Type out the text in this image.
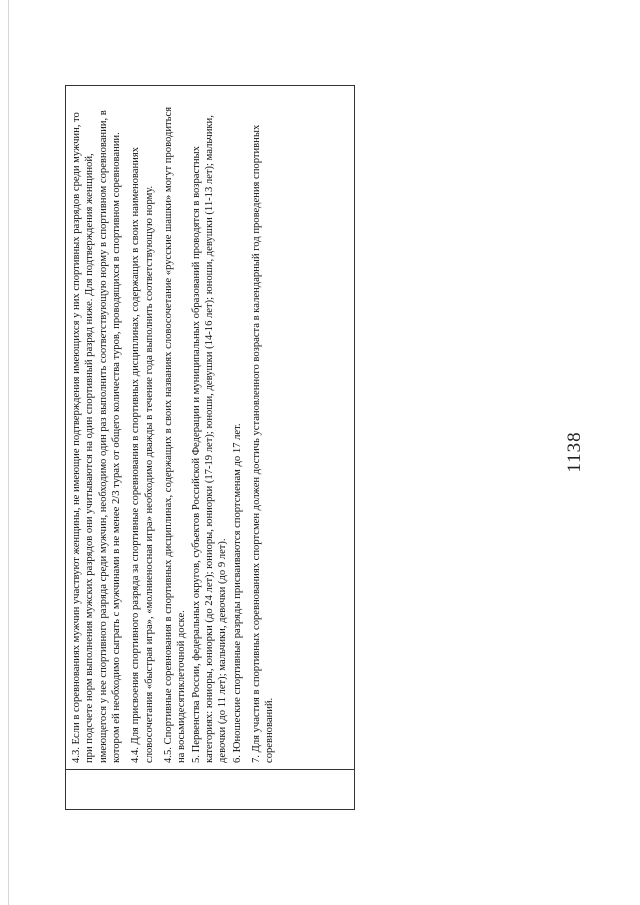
1138

4.3. Если в соревнованиях мужчин участвуют женщины, не имеющие подтверждения имеющихся у них спортивных разрядов среди мужчин, то при подсчете норм выполнения мужских разрядов они учитываются на один спортивный разряд ниже. Для подтверждения женщиной, имеющегося у нее спортивного разряда среди мужчин, необходимо один раз выполнить соответствующую норму в спортивном соревновании, в котором ей необходимо сыграть с мужчинами в не менее 2/3 турах от общего количества туров, проводящихся в спортивном соревновании. 4.4. Для присвоения спортивного разряда за спортивные соревнования в спортивных дисциплинах, содержащих в своих наименованиях словосочетания «быстрая игра», «молниеносная игра» необходимо дважды в течение года выполнить соответствующую норму. 4.5. Спортивные соревнования в спортивных дисциплинах, содержащих в своих названиях словосочетание «русские шашки» могут проводиться на восьмидесятиклеточной доске. 5. Первенства России, федеральных округов, субъектов Российской Федерации и муниципальных образований проводятся в возрастных категориях: юниоры, юниорки (до 24 лет); юниоры, юниорки (17-19 лет); юноши, девушки (14-16 лет); юноши, девушки (11-13 лет); мальчики, девочки (до 11 лет); мальчики, девочки (до 9 лет). 6. Юношеские спортивные разряды присваиваются спортсменам до 17 лет. 7. Для участия в спортивных соревнованиях спортсмен должен достичь установленного возраста в календарный год проведения спортивных соревнований.
